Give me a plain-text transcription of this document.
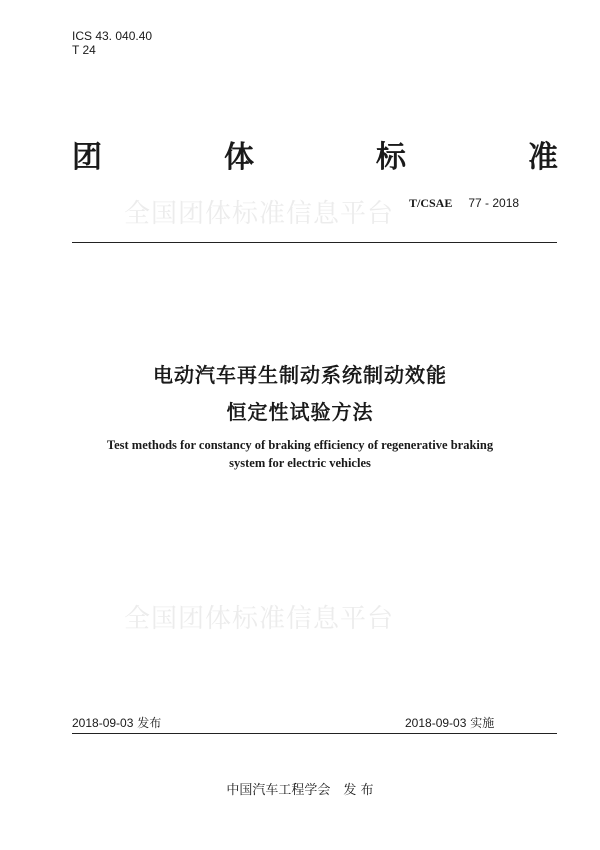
ICS 43. 040.40
T 24
团	体	标	准
全国团体标准信息平台 T/CSAE 77 - 2018
电动汽车再生制动系统制动效能
恒定性试验方法
Test methods for constancy of braking efficiency of regenerative braking
system for electric vehicles
全国团体标准信息平台
2018-09-03 发布	2018-09-03 实施
中国汽车工程学会　发 布
